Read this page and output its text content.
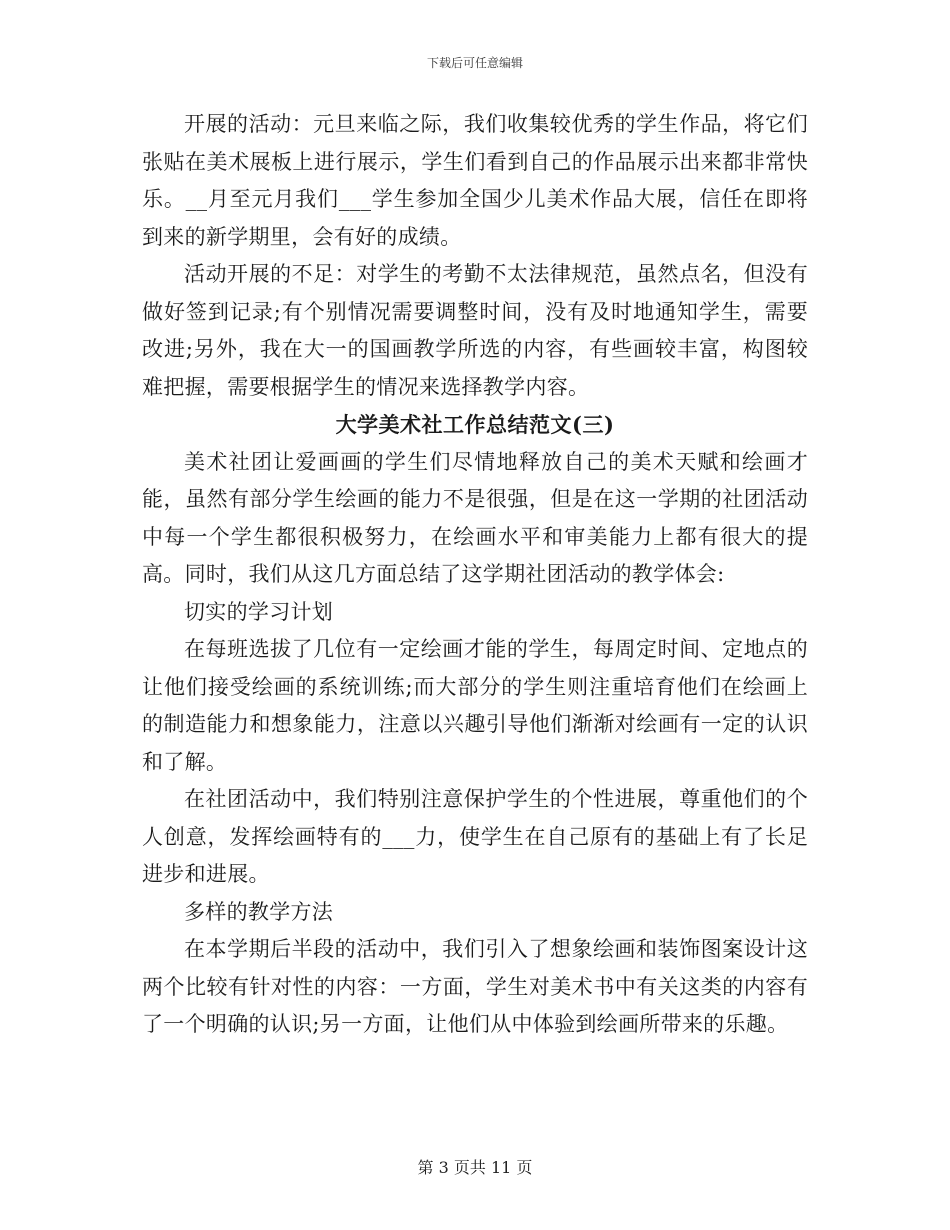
下载后可任意编辑

开展的活动：元旦来临之际，我们收集较优秀的学生作品，将它们张贴在美术展板上进行展示，学生们看到自己的作品展示出来都非常快乐。__月至元月我们___学生参加全国少儿美术作品大展，信任在即将到来的新学期里，会有好的成绩。

活动开展的不足：对学生的考勤不太法律规范，虽然点名，但没有做好签到记录;有个别情况需要调整时间，没有及时地通知学生，需要改进;另外，我在大一的国画教学所选的内容，有些画较丰富，构图较难把握，需要根据学生的情况来选择教学内容。

大学美术社工作总结范文(三)

美术社团让爱画画的学生们尽情地释放自己的美术天赋和绘画才能，虽然有部分学生绘画的能力不是很强，但是在这一学期的社团活动中每一个学生都很积极努力，在绘画水平和审美能力上都有很大的提高。同时，我们从这几方面总结了这学期社团活动的教学体会:

切实的学习计划

在每班选拔了几位有一定绘画才能的学生，每周定时间、定地点的让他们接受绘画的系统训练;而大部分的学生则注重培育他们在绘画上的制造能力和想象能力，注意以兴趣引导他们渐渐对绘画有一定的认识和了解。

在社团活动中，我们特别注意保护学生的个性进展，尊重他们的个人创意，发挥绘画特有的___力，使学生在自己原有的基础上有了长足进步和进展。

多样的教学方法

在本学期后半段的活动中，我们引入了想象绘画和装饰图案设计这两个比较有针对性的内容：一方面，学生对美术书中有关这类的内容有了一个明确的认识;另一方面，让他们从中体验到绘画所带来的乐趣。

第 3 页共 11 页
